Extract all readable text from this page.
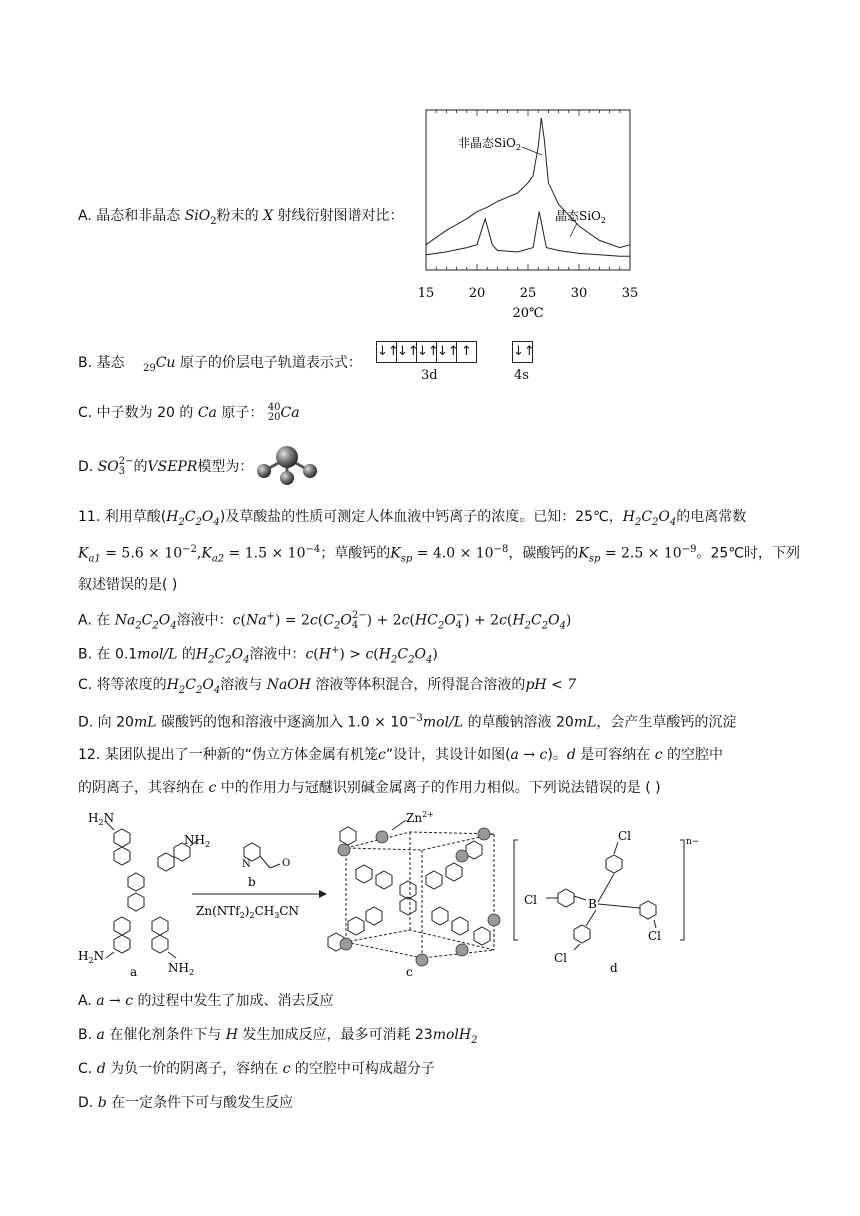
A. 晶态和非晶态 SiO$_2$粉末的 X 射线衍射图谱对比：
非晶态SiO$_2$
晶态SiO$_2$
15	20	25	30	35
20℃
B. 基态 $_{29}$Cu 原子的价层电子轨道表示式：
↓↑
↓↑
↓↑
↓↑ ↑	↓↑
3d	4s
C. 中子数为 20 的 Ca 原子： 40
20Ca
D. SO2−
3 的VSEPR模型为：
11. 利用草酸$(H_2C_2O_4)$及草酸盐的性质可测定人体血液中钙离子的浓度。已知：25℃，$H_2C_2O_4$的电离常数
$K_{a1} = 5.6 \times 10^{-2},K_{a2} = 1.5 \times 10^{-4}$；草酸钙的$K_{sp} = 4.0 \times 10^{-8}$，碳酸钙的$K_{sp} = 2.5 \times 10^{-9}$。25℃时，下列
叙述错误的是( )
A. 在 $Na_2C_2O_4$溶液中：$c(Na^+) = 2c(C_2O2-$
4 ) + $2c(HC_2O-$
4 ) + $2c(H_2C_2O_4)$
B. 在 0.1mol/L 的$H_2C_2O_4$溶液中：$c(H^+) > c(H_2C_2O_4)$
C. 将等浓度的$H_2C_2O_4$溶液与 NaOH 溶液等体积混合，所得混合溶液的pH < 7
D. 向 20mL 碳酸钙的饱和溶液中逐滴加入 $1.0 \times 10^{-3}mol/L$ 的草酸钠溶液 20mL，会产生草酸钙的沉淀
12. 某团队提出了一种新的“伪立方体金属有机笼c”设计，其设计如图(a → c)。d 是可容纳在 c 的空腔中
的阴离子，其容纳在 c 中的作用力与冠醚识别碱金属离子的作用力相似。下列说法错误的是 ( )
$H_2N$
$NH_2$
$H_2N$
$NH_2$
a
N	O
b
$Zn(NTf_2)_2CH_3CN$
$Zn^{2+}$
c
B
Cl
Cl
Cl
Cl
n−
d
A. a → c 的过程中发生了加成、消去反应
B. a 在催化剂条件下与 H 发生加成反应，最多可消耗 23molH$_2$
C. d 为负一价的阴离子，容纳在 c 的空腔中可构成超分子
D. b 在一定条件下可与酸发生反应
